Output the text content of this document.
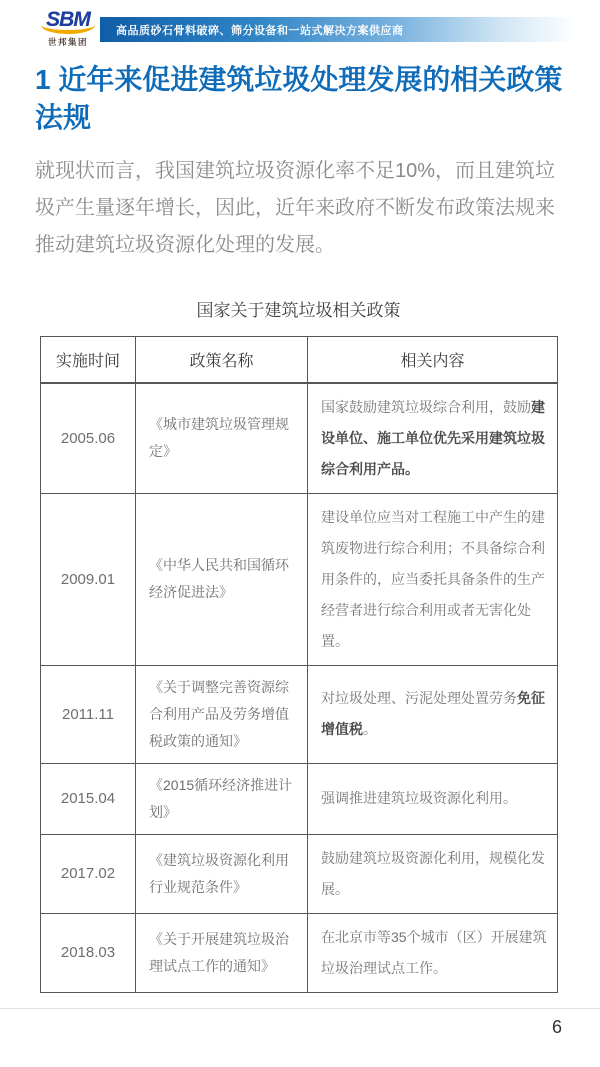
SBM
世邦集团
高品质砂石骨料破碎、筛分设备和一站式解决方案供应商
1 近年来促进建筑垃圾处理发展的相关政策法规

就现状而言，我国建筑垃圾资源化率不足10%，而且建筑垃圾产生量逐年增长，因此，近年来政府不断发布政策法规来推动建筑垃圾资源化处理的发展。

国家关于建筑垃圾相关政策
实施时间	政策名称	相关内容
2005.06	《城市建筑垃圾管理规定》	国家鼓励建筑垃圾综合利用，鼓励建设单位、施工单位优先采用建筑垃圾综合利用产品。
2009.01	《中华人民共和国循环经济促进法》	建设单位应当对工程施工中产生的建筑废物进行综合利用；不具备综合利用条件的，应当委托具备条件的生产经营者进行综合利用或者无害化处置。
2011.11	《关于调整完善资源综合利用产品及劳务增值税政策的通知》	对垃圾处理、污泥处理处置劳务免征增值税。
2015.04	《2015循环经济推进计划》	强调推进建筑垃圾资源化利用。
2017.02	《建筑垃圾资源化利用行业规范条件》	鼓励建筑垃圾资源化利用，规模化发展。
2018.03	《关于开展建筑垃圾治理试点工作的通知》	在北京市等35个城市（区）开展建筑垃圾治理试点工作。
6
